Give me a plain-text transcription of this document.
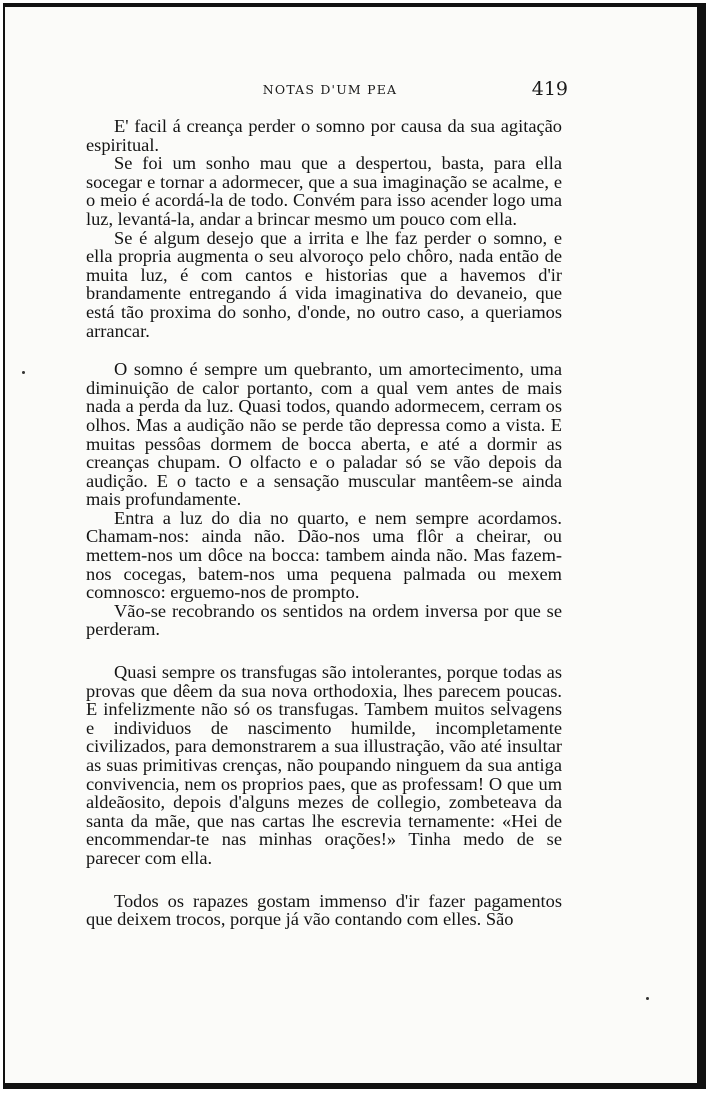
NOTAS D'UM PEA	419

E' facil á creança perder o somno por causa da sua agitação espiritual.

Se foi um sonho mau que a despertou, basta, para ella socegar e tornar a adormecer, que a sua imaginação se acalme, e o meio é acordá-la de todo. Convém para isso acender logo uma luz, levantá-la, andar a brincar mesmo um pouco com ella.

Se é algum desejo que a irrita e lhe faz perder o somno, e ella propria augmenta o seu alvoroço pelo chôro, nada então de muita luz, é com cantos e historias que a havemos d'ir brandamente entregando á vida imaginativa do devaneio, que está tão proxima do sonho, d'onde, no outro caso, a queriamos arrancar.

O somno é sempre um quebranto, um amortecimento, uma diminuição de calor portanto, com a qual vem antes de mais nada a perda da luz. Quasi todos, quando adormecem, cerram os olhos. Mas a audição não se perde tão depressa como a vista. E muitas pessôas dormem de bocca aberta, e até a dormir as creanças chupam. O olfacto e o paladar só se vão depois da audição. E o tacto e a sensação muscular mantêem-se ainda mais profundamente.

Entra a luz do dia no quarto, e nem sempre acordamos. Chamam-nos: ainda não. Dão-nos uma flôr a cheirar, ou mettem-nos um dôce na bocca: tambem ainda não. Mas fazem-nos cocegas, batem-nos uma pequena palmada ou mexem comnosco: erguemo-nos de prompto.

Vão-se recobrando os sentidos na ordem inversa por que se perderam.

Quasi sempre os transfugas são intolerantes, porque todas as provas que dêem da sua nova orthodoxia, lhes parecem poucas. E infelizmente não só os transfugas. Tambem muitos selvagens e individuos de nascimento humilde, incompletamente civilizados, para demonstrarem a sua illustração, vão até insultar as suas primitivas crenças, não poupando ninguem da sua antiga convivencia, nem os proprios paes, que as professam! O que um aldeãosito, depois d'alguns mezes de collegio, zombeteava da santa da mãe, que nas cartas lhe escrevia ternamente: «Hei de encommendar-te nas minhas orações!» Tinha medo de se parecer com ella.

Todos os rapazes gostam immenso d'ir fazer pagamentos que deixem trocos, porque já vão contando com elles. São
